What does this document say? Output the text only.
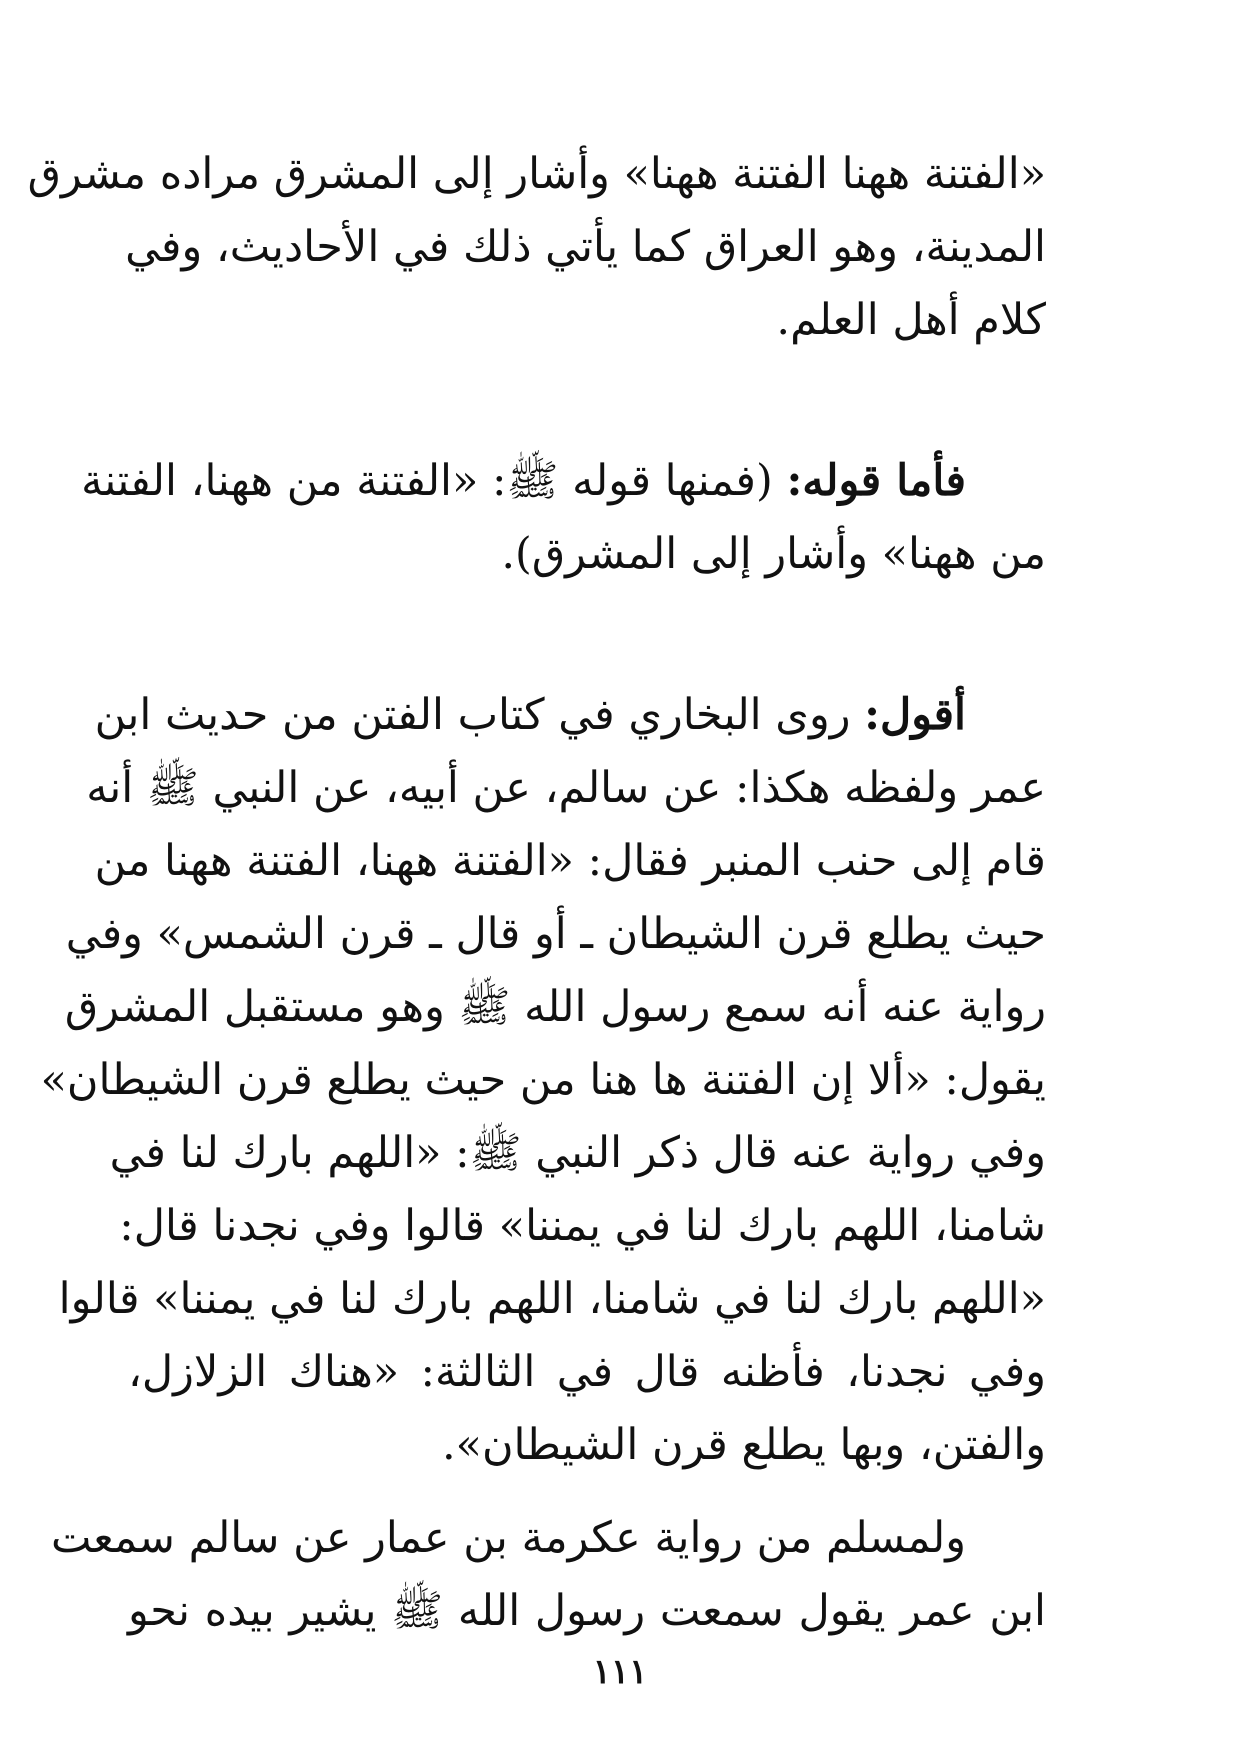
«الفتنة ههنا الفتنة ههنا» وأشار إلى المشرق مراده مشرق
المدينة، وهو العراق كما يأتي ذلك في الأحاديث، وفي
كلام أهل العلم.
فأما قوله: (فمنها قوله ﷺ: «الفتنة من ههنا، الفتنة
من ههنا» وأشار إلى المشرق).
أقول: روى البخاري في كتاب الفتن من حديث ابن
عمر ولفظه هكذا: عن سالم، عن أبيه، عن النبي ﷺ أنه
قام إلى حنب المنبر فقال: «الفتنة ههنا، الفتنة ههنا من
حيث يطلع قرن الشيطان ـ أو قال ـ قرن الشمس» وفي
رواية عنه أنه سمع رسول الله ﷺ وهو مستقبل المشرق
يقول: «ألا إن الفتنة ها هنا من حيث يطلع قرن الشيطان»
وفي رواية عنه قال ذكر النبي ﷺ: «اللهم بارك لنا في
شامنا، اللهم بارك لنا في يمننا» قالوا وفي نجدنا قال:
«اللهم بارك لنا في شامنا، اللهم بارك لنا في يمننا» قالوا
وفي نجدنا، فأظنه قال في الثالثة: «هناك الزلازل،
والفتن، وبها يطلع قرن الشيطان».
ولمسلم من رواية عكرمة بن عمار عن سالم سمعت
ابن عمر يقول سمعت رسول الله ﷺ يشير بيده نحو
١١١
